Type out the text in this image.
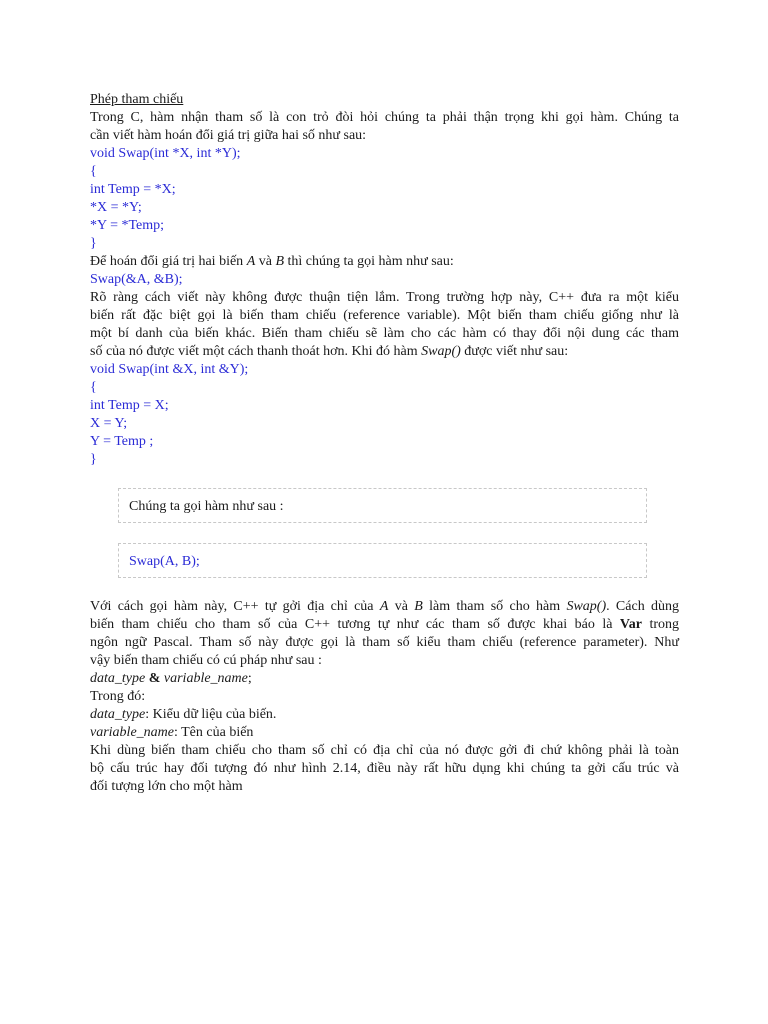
Phép tham chiếu
Trong C, hàm nhận tham số là con trỏ đòi hỏi chúng ta phải thận trọng khi gọi hàm. Chúng ta
cần viết hàm hoán đổi giá trị giữa hai số như sau:
void Swap(int *X, int *Y);
{
int Temp = *X;
*X = *Y;
*Y = *Temp;
}
Để hoán đổi giá trị hai biến A và B thì chúng ta gọi hàm như sau:
Swap(&A, &B);
Rõ ràng cách viết này không được thuận tiện lắm. Trong trường hợp này, C++ đưa ra một kiểu
biến rất đặc biệt gọi là biến tham chiếu (reference variable). Một biến tham chiếu giống như là
một bí danh của biến khác. Biến tham chiếu sẽ làm cho các hàm có thay đổi nội dung các tham
số của nó được viết một cách thanh thoát hơn. Khi đó hàm Swap() được viết như sau:
void Swap(int &X, int &Y);
{
int Temp = X;
X = Y;
Y = Temp ;
}
Chúng ta gọi hàm như sau :
Swap(A, B);
Với cách gọi hàm này, C++ tự gởi địa chỉ của A và B làm tham số cho hàm Swap(). Cách dùng
biến tham chiếu cho tham số của C++ tương tự như các tham số được khai báo là Var trong
ngôn ngữ Pascal. Tham số này được gọi là tham số kiểu tham chiếu (reference parameter). Như
vậy biến tham chiếu có cú pháp như sau :
data_type & variable_name;
Trong đó:
data_type: Kiểu dữ liệu của biến.
variable_name: Tên của biến
Khi dùng biến tham chiếu cho tham số chỉ có địa chỉ của nó được gởi đi chứ không phải là toàn
bộ cấu trúc hay đối tượng đó như hình 2.14, điều này rất hữu dụng khi chúng ta gởi cấu trúc và
đối tượng lớn cho một hàm
